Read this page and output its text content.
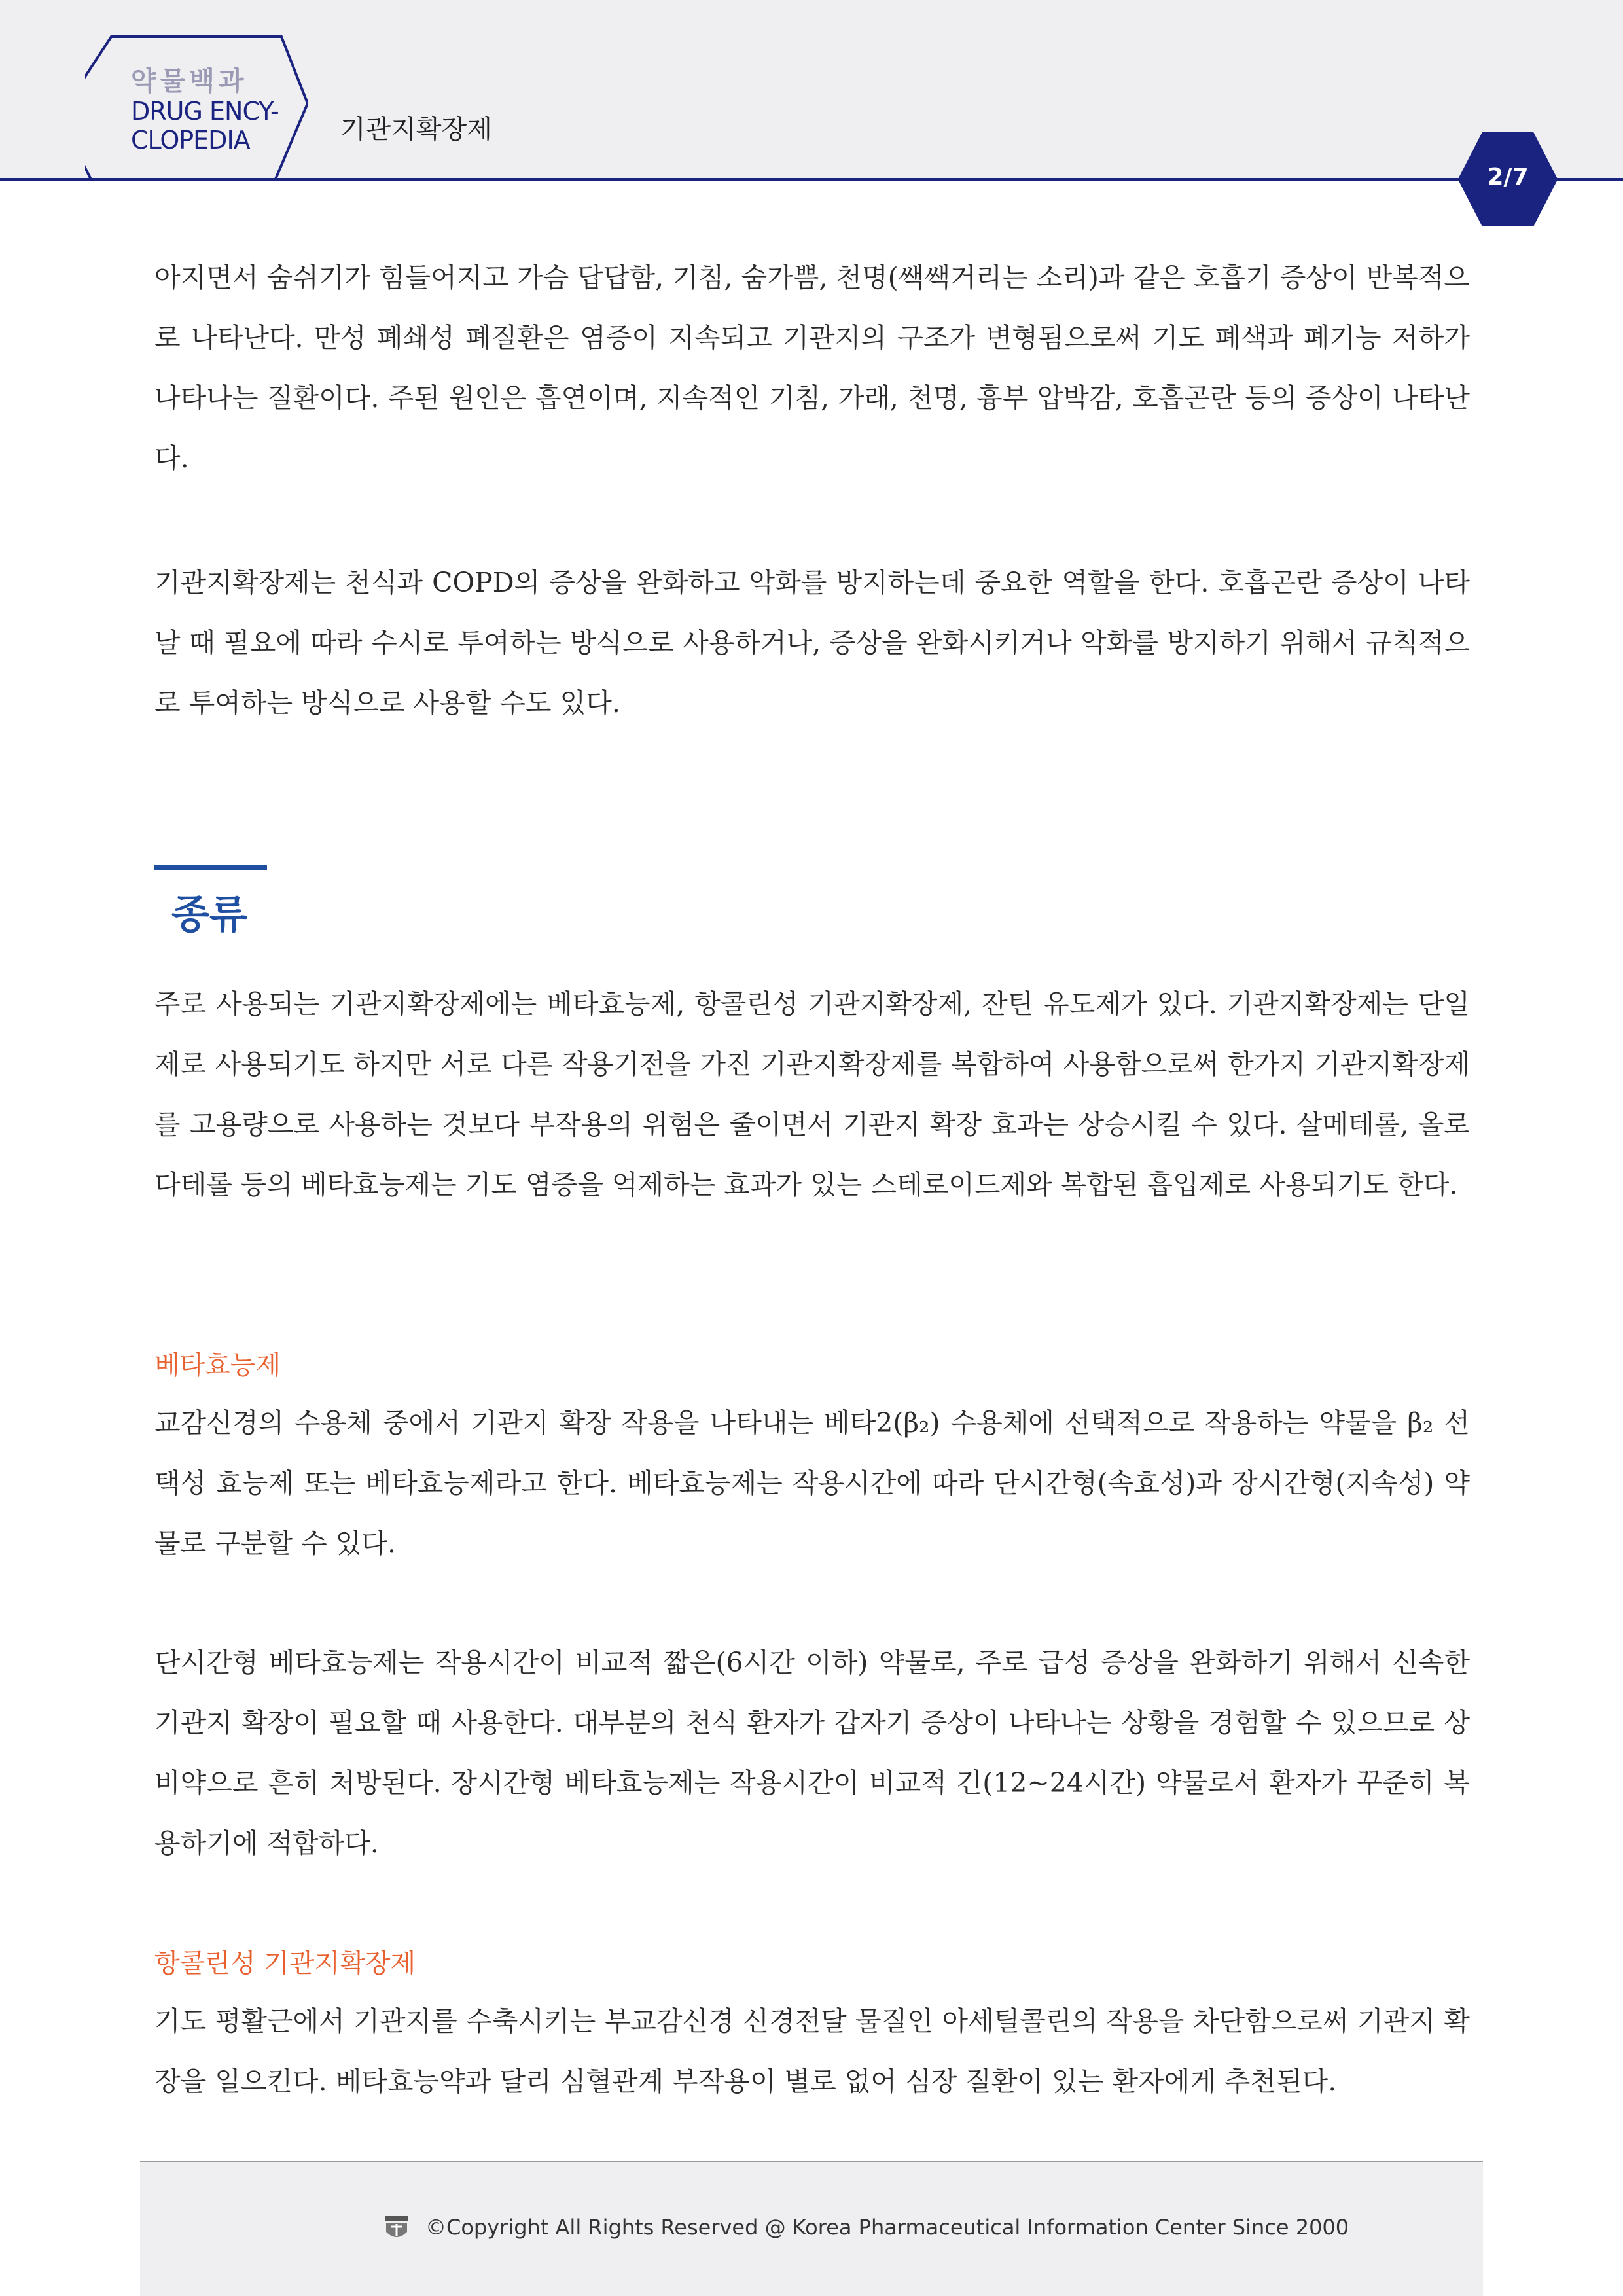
약물백과
DRUG ENCY-
CLOPEDIA	기관지확장제
2/7

아지면서 숨쉬기가 힘들어지고 가슴 답답함, 기침, 숨가쁨, 천명(쌕쌕거리는 소리)과 같은 호흡기 증상이 반복적으로 나타난다. 만성 폐쇄성 폐질환은 염증이 지속되고 기관지의 구조가 변형됨으로써 기도 폐색과 폐기능 저하가 나타나는 질환이다. 주된 원인은 흡연이며, 지속적인 기침, 가래, 천명, 흉부 압박감, 호흡곤란 등의 증상이 나타난다.

기관지확장제는 천식과 COPD의 증상을 완화하고 악화를 방지하는데 중요한 역할을 한다. 호흡곤란 증상이 나타날 때 필요에 따라 수시로 투여하는 방식으로 사용하거나, 증상을 완화시키거나 악화를 방지하기 위해서 규칙적으로 투여하는 방식으로 사용할 수도 있다.

종류

주로 사용되는 기관지확장제에는 베타효능제, 항콜린성 기관지확장제, 잔틴 유도제가 있다. 기관지확장제는 단일제로 사용되기도 하지만 서로 다른 작용기전을 가진 기관지확장제를 복합하여 사용함으로써 한가지 기관지확장제를 고용량으로 사용하는 것보다 부작용의 위험은 줄이면서 기관지 확장 효과는 상승시킬 수 있다. 살메테롤, 올로다테롤 등의 베타효능제는 기도 염증을 억제하는 효과가 있는 스테로이드제와 복합된 흡입제로 사용되기도 한다.

베타효능제

교감신경의 수용체 중에서 기관지 확장 작용을 나타내는 베타2(β₂) 수용체에 선택적으로 작용하는 약물을 β₂ 선택성 효능제 또는 베타효능제라고 한다. 베타효능제는 작용시간에 따라 단시간형(속효성)과 장시간형(지속성) 약물로 구분할 수 있다.

단시간형 베타효능제는 작용시간이 비교적 짧은(6시간 이하) 약물로, 주로 급성 증상을 완화하기 위해서 신속한 기관지 확장이 필요할 때 사용한다. 대부분의 천식 환자가 갑자기 증상이 나타나는 상황을 경험할 수 있으므로 상비약으로 흔히 처방된다. 장시간형 베타효능제는 작용시간이 비교적 긴(12~24시간) 약물로서 환자가 꾸준히 복용하기에 적합하다.

항콜린성 기관지확장제

기도 평활근에서 기관지를 수축시키는 부교감신경 신경전달 물질인 아세틸콜린의 작용을 차단함으로써 기관지 확장을 일으킨다. 베타효능약과 달리 심혈관계 부작용이 별로 없어 심장 질환이 있는 환자에게 추천된다.

©Copyright All Rights Reserved @ Korea Pharmaceutical Information Center Since 2000
